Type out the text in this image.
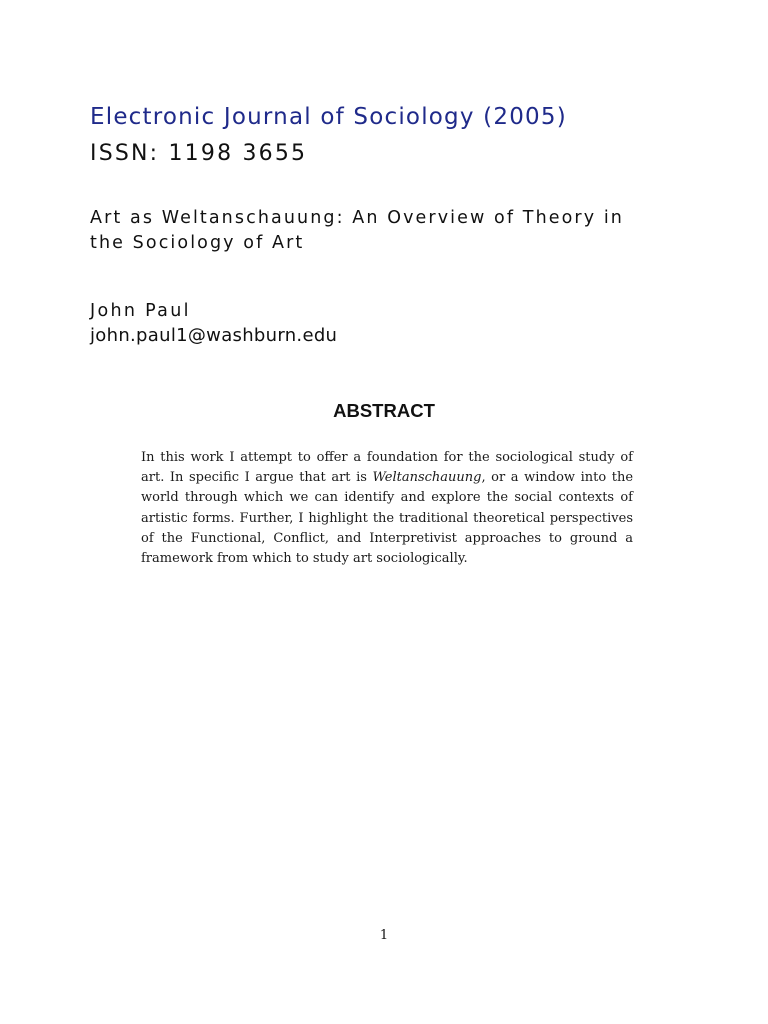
Electronic Journal of Sociology (2005)
ISSN: 1198 3655
Art as Weltanschauung: An Overview of Theory in
the Sociology of Art
John Paul
john.paul1@washburn.edu
ABSTRACT
In this work I attempt to offer a foundation for the sociological study of art. In specific I argue that art is Weltanschauung, or a window into the world through which we can identify and explore the social contexts of artistic forms. Further, I highlight the traditional theoretical perspectives of the Functional, Conflict, and Interpretivist approaches to ground a framework from which to study art sociologically.
1
